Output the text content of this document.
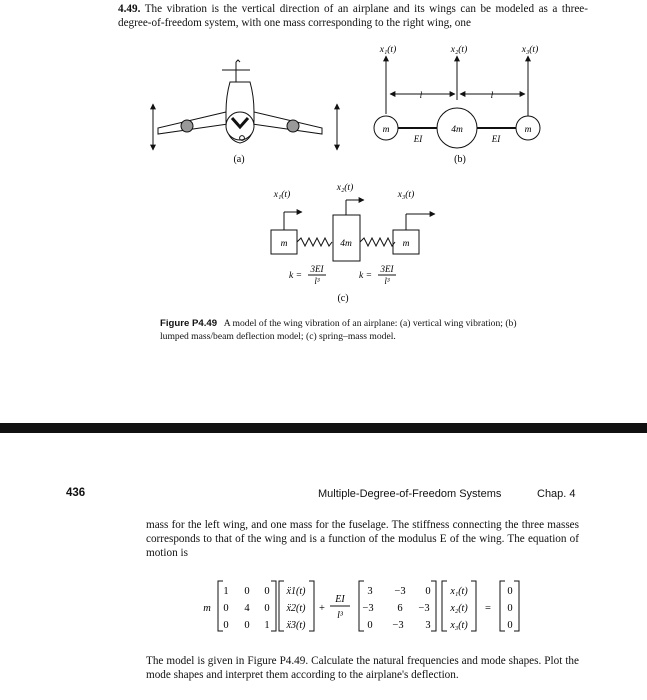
4.49. The vibration is the vertical direction of an airplane and its wings can be modeled as a three-degree-of-freedom system, with one mass corresponding to the right wing, one
(a)
x₁(t)	x₂(t)	x₃(t)
l	l
m	4m	m
EI	EI
(b)
x₁(t)
x₂(t)
x₃(t)
m	4m	m
k =
3EI
l³	k =
3EI
l³
(c)
Figure P4.49 A model of the wing vibration of an airplane: (a) vertical wing vibration; (b) lumped mass/beam deflection model; (c) spring–mass model.
436	Multiple-Degree-of-Freedom Systems	Chap. 4
mass for the left wing, and one mass for the fuselage. The stiffness connecting the three masses corresponds to that of the wing and is a function of the modulus E of the wing. The equation of motion is
m
1 0 0
0 4 0
0 0 1
ẍ1(t)
ẍ2(t)
ẍ3(t)
+
EI
l³
3 −3 0
−3 6 −3
0 −3 3
x₁(t)
x₂(t)
x₃(t)
=
0
0
0
The model is given in Figure P4.49. Calculate the natural frequencies and mode shapes. Plot the mode shapes and interpret them according to the airplane's deflection.
